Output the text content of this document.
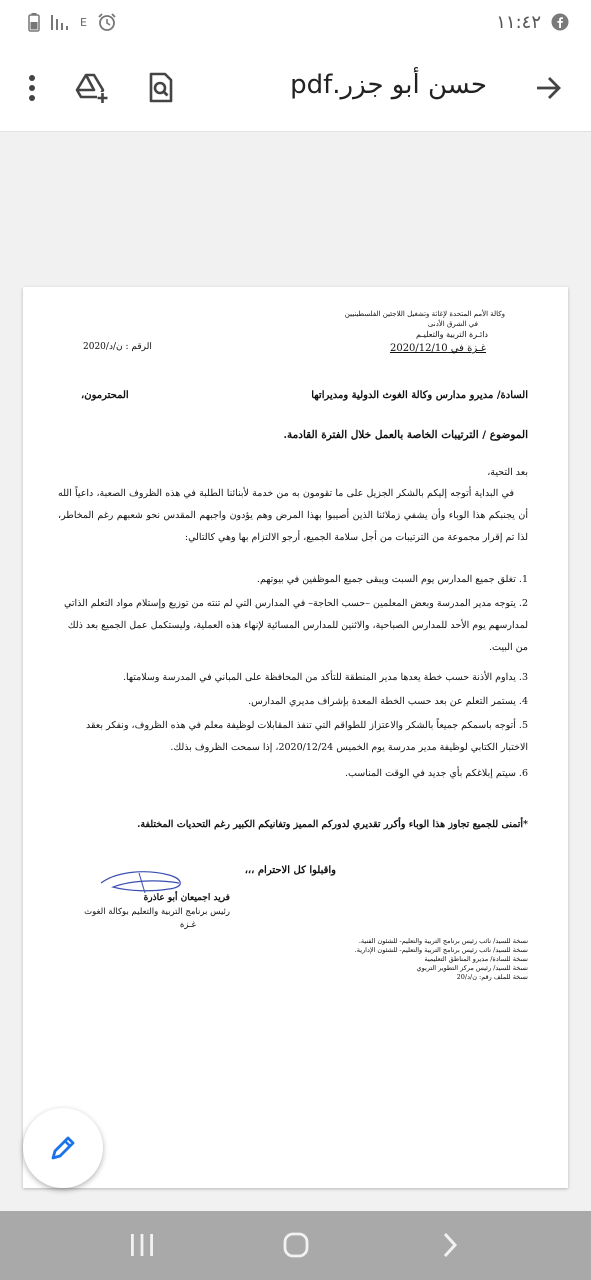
E	١١:٤٢
حسن أبو جزر.pdf
وكالة الأمم المتحدة لإغاثة وتشغيل اللاجئين الفلسطينيين
في الشرق الأدنى
دائـرة التربية والتعليـم
غـزة في 2020/12/10
الرقم : ن/د/2020
السادة/ مديرو مدارس وكالة الغوث الدولية ومديراتها
المحترمون،
الموضوع / الترتيبات الخاصة بالعمل خلال الفترة القادمة.
بعد التحية،
في البداية أتوجه إليكم بالشكر الجزيل على ما تقومون به من خدمة لأبنائنا الطلبة في هذه الظروف الصعبة، داعياً الله أن يجنبكم هذا الوباء وأن يشفي زملائنا الذين أصيبوا بهذا المرض وهم يؤدون واجبهم المقدس نحو شعبهم رغم المخاطر، لذا تم إقرار مجموعة من الترتيبات من أجل سلامة الجميع، أرجو الالتزام بها وهي كالتالي:
1. تغلق جميع المدارس يوم السبت ويبقى جميع الموظفين في بيوتهم.
2. يتوجه مدير المدرسة وبعض المعلمين –حسب الحاجة– في المدارس التي لم تنته من توزيع وإستلام مواد التعلم الذاتي لمدارسهم يوم الأحد للمدارس الصباحية، والاثنين للمدارس المسائية لإنهاء هذه العملية، وليستكمل عمل الجميع بعد ذلك من البيت.
3. يداوم الأذنة حسب خطة يعدها مدير المنطقة للتأكد من المحافظة على المباني في المدرسة وسلامتها.
4. يستمر التعلم عن بعد حسب الخطة المعدة بإشراف مديري المدارس.
5. أتوجه باسمكم جميعاً بالشكر والاعتزاز للطواقم التي تنفذ المقابلات لوظيفة معلم في هذه الظروف، ونفكر بعقد الاختبار الكتابي لوظيفة مدير مدرسة يوم الخميس 2020/12/24، إذا سمحت الظروف بذلك.
6. سيتم إبلاغكم بأي جديد في الوقت المناسب.
*أتمنى للجميع تجاوز هذا الوباء وأكرر تقديري لدوركم المميز وتفانيكم الكبير رغم التحديات المختلفة.
واقبلوا كل الاحترام ،،،
فريد اجميعان أبو عاذرة
رئيس برنامج التربية والتعليم بوكالة الغوث
غـزة
نسخة للسيد/ نائب رئيس برنامج التربية والتعليم- للشئون الفنية.
نسخة للسيد/ نائب رئيس برنامج التربية والتعليم- للشئون الإدارية.
نسخة للسادة/ مديرو المناطق التعليمية
نسخة للسيد/ رئيس مركز التطوير التربوي
نسخة للملف رقم: ن/د/20
